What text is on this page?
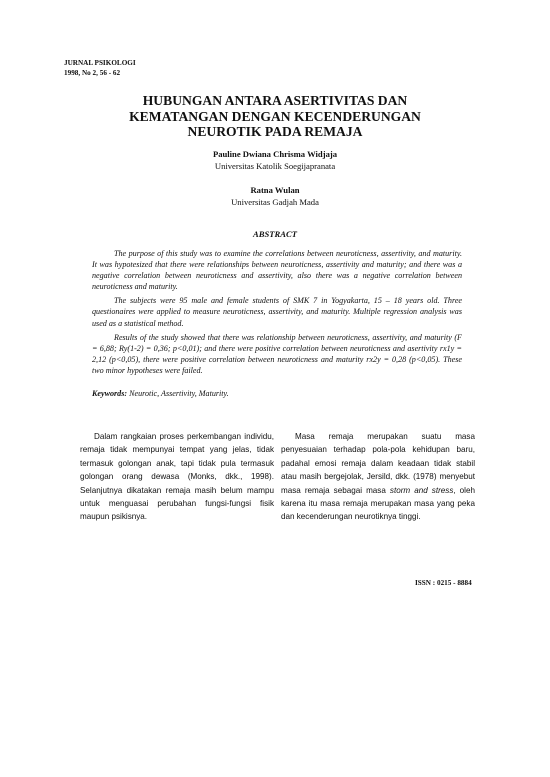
JURNAL PSIKOLOGI
1998, No 2, 56 - 62
HUBUNGAN ANTARA ASERTIVITAS DAN
KEMATANGAN DENGAN KECENDERUNGAN
NEUROTIK PADA REMAJA
Pauline Dwiana Chrisma Widjaja
Universitas Katolik Soegijapranata
Ratna Wulan
Universitas Gadjah Mada
ABSTRACT

The purpose of this study was to examine the correlations between neuroticness, assertivity, and maturity. It was hypotesized that there were relationships between neuroticness, assertivity and maturity; and there was a negative correlation between neuroticness and assertivity, also there was a negative correlation between neuroticness and maturity.

The subjects were 95 male and female students of SMK 7 in Yogyakarta, 15 – 18 years old. Three questionaires were applied to measure neuroticness, assertivity, and maturity. Multiple regression analysis was used as a statistical method.

Results of the study showed that there was relationship between neuroticness, assertivity, and maturity (F = 6,88; Ry(1-2) = 0,36; p<0,01); and there were positive correlation between neuroticness and asertivity rx1y = 2,12 (p<0,05), there were positive correlation between neuroticness and maturity rx2y = 0,28 (p<0,05). These two minor hypotheses were failed.

Keywords: Neurotic, Assertivity, Maturity.

Dalam rangkaian proses perkembangan individu, remaja tidak mempunyai tempat yang jelas, tidak termasuk golongan anak, tapi tidak pula termasuk golongan orang dewasa (Monks, dkk., 1998). Selanjutnya dikatakan remaja masih belum mampu untuk menguasai perubahan fungsi-fungsi fisik maupun psikisnya.

Masa remaja merupakan suatu masa penyesuaian terhadap pola-pola kehidupan baru, padahal emosi remaja dalam keadaan tidak stabil atau masih bergejolak, Jersild, dkk. (1978) menyebut masa remaja sebagai masa storm and stress, oleh karena itu masa remaja merupakan masa yang peka dan kecenderungan neurotiknya tinggi.

ISSN : 0215 - 8884
